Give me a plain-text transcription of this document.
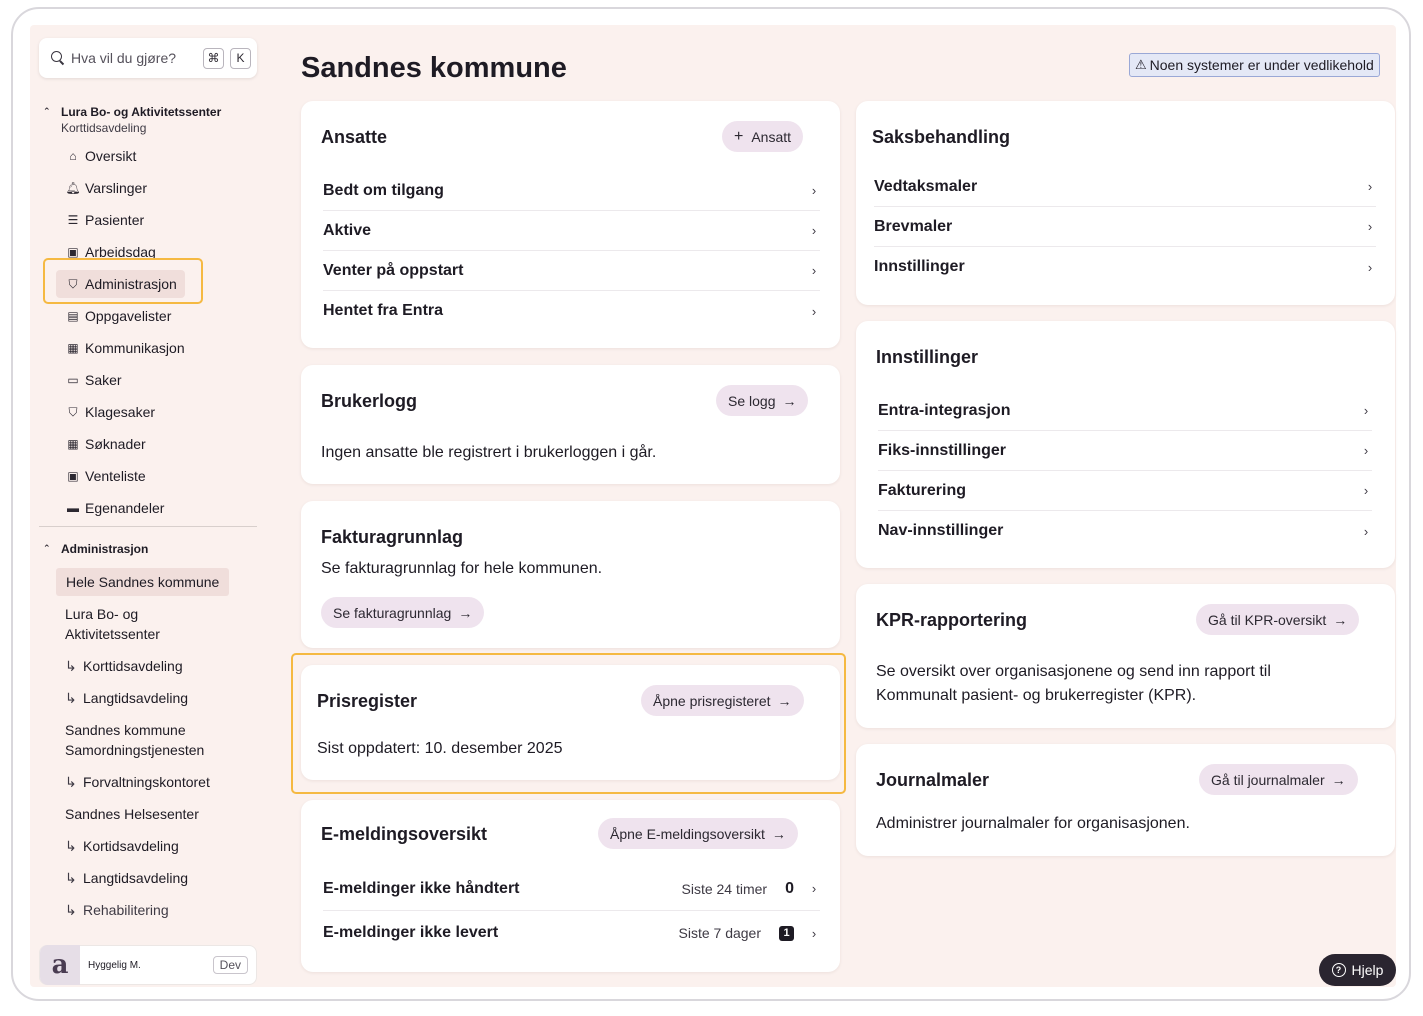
Hva vil du gjøre?	⌘	K
⌃ Lura Bo- og Aktivitetssenter
Korttidsavdeling
⌂ Oversikt
🔔︎ Varslinger
☰ Pasienter
▣ Arbeidsdag
⛉ Administrasjon
▤ Oppgavelister
▦ Kommunikasjon
▭ Saker
⛉ Klagesaker
▦ Søknader
▣ Venteliste
▬ Egenandeler
⌃ Administrasjon
Hele Sandnes kommune
Lura Bo- og Aktivitetssenter
↳ Korttidsavdeling
↳ Langtidsavdeling
Sandnes kommune Samordningstjenesten
↳ Forvaltningskontoret
Sandnes Helsesenter
↳ Kortidsavdeling
↳ Langtidsavdeling
↳ Rehabilitering
a	Hyggelig M.	Dev
Sandnes kommune	⚠ Noen systemer er under vedlikehold
Ansatte	+ Ansatt
Bedt om tilgang	›
Aktive	›
Venter på oppstart	›
Hentet fra Entra	›
Brukerlogg	Se logg →
Ingen ansatte ble registrert i brukerloggen i går.
Fakturagrunnlag
Se fakturagrunnlag for hele kommunen.
Se fakturagrunnlag →
Prisregister	Åpne prisregisteret →
Sist oppdatert: 10. desember 2025
E-meldingsoversikt	Åpne E-meldingsoversikt →
E-meldinger ikke håndtert	Siste 24 timer 0 ›
E-meldinger ikke levert	Siste 7 dager	1	›
Saksbehandling
Vedtaksmaler	›
Brevmaler	›
Innstillinger	›
Innstillinger
Entra-integrasjon	›
Fiks-innstillinger	›
Fakturering	›
Nav-innstillinger	›
KPR-rapportering	Gå til KPR-oversikt →
Se oversikt over organisasjonene og send inn rapport til Kommunalt pasient- og brukerregister (KPR).
Journalmaler	Gå til journalmaler →
Administrer journalmaler for organisasjonen.
? Hjelp
